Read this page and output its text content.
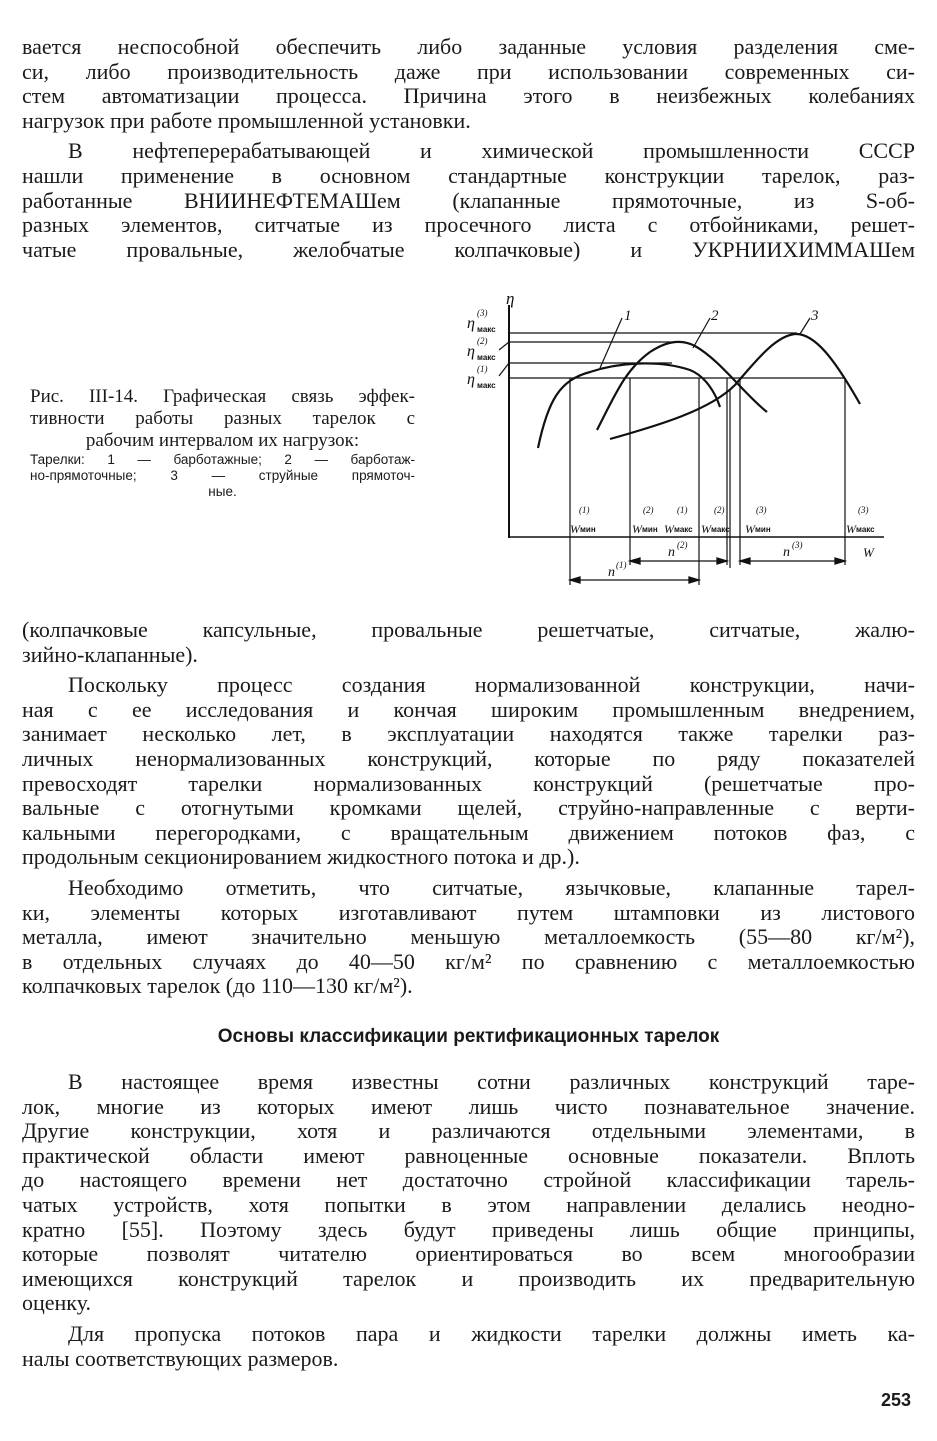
вается неспособной обеспечить либо заданные условия разделения сме-
си, либо производительность даже при использовании современных си-
стем автоматизации процесса. Причина этого в неизбежных колебаниях
нагрузок при работе промышленной установки.
В нефтеперерабатывающей и химической промышленности СССР
нашли применение в основном стандартные конструкции тарелок, раз-
работанные ВНИИНЕФТЕМАШем (клапанные прямоточные, из S-об-
разных элементов, ситчатые из просечного листа с отбойниками, решет-
чатые провальные, желобчатые колпачковые) и УКРНИИХИММАШем
Рис. III-14. Графическая связь эффек-
тивности работы разных тарелок с
рабочим интервалом их нагрузок:
Тарелки: 1 — барботажные; 2 — барботаж-
но-прямоточные; 3 — струйные прямоточ-
ные.
η
W
1	2	3
η
(3)
макс
η
(2)
макс
η
(1)
макс
W
(1)
мин	W
(2)
мин W
(1)
макс W
(2)
макс W
(3)
мин	W
(3)
макс
n (1)
n (2)	n (3)
(колпачковые капсульные, провальные решетчатые, ситчатые, жалю-
зийно-клапанные).
Поскольку процесс создания нормализованной конструкции, начи-
ная с ее исследования и кончая широким промышленным внедрением,
занимает несколько лет, в эксплуатации находятся также тарелки раз-
личных ненормализованных конструкций, которые по ряду показателей
превосходят тарелки нормализованных конструкций (решетчатые про-
вальные с отогнутыми кромками щелей, струйно-направленные с верти-
кальными перегородками, с вращательным движением потоков фаз, с
продольным секционированием жидкостного потока и др.).
Необходимо отметить, что ситчатые, язычковые, клапанные тарел-
ки, элементы которых изготавливают путем штамповки из листового
металла, имеют значительно меньшую металлоемкость (55—80 кг/м²),
в отдельных случаях до 40—50 кг/м² по сравнению с металлоемкостью
колпачковых тарелок (до 110—130 кг/м²).
Основы классификации ректификационных тарелок
В настоящее время известны сотни различных конструкций таре-
лок, многие из которых имеют лишь чисто познавательное значение.
Другие конструкции, хотя и различаются отдельными элементами, в
практической области имеют равноценные основные показатели. Вплоть
до настоящего времени нет достаточно стройной классификации тарель-
чатых устройств, хотя попытки в этом направлении делались неодно-
кратно [55]. Поэтому здесь будут приведены лишь общие принципы,
которые позволят читателю ориентироваться во всем многообразии
имеющихся конструкций тарелок и производить их предварительную
оценку.
Для пропуска потоков пара и жидкости тарелки должны иметь ка-
налы соответствующих размеров.
253
